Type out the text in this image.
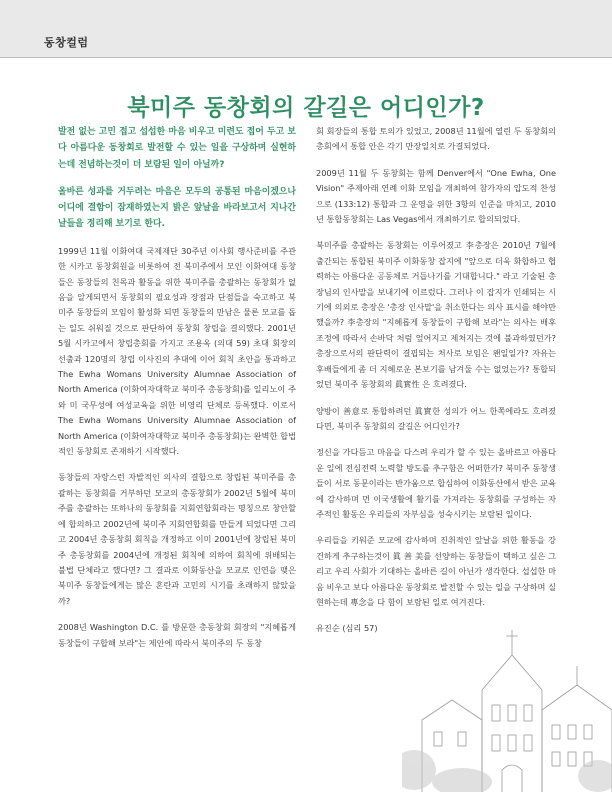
동창컬럼
북미주 동창회의 갈길은 어디인가?

발전 없는 고민 접고 섭섭한 마음 비우고 미련도 접어 두고 보다 아름다운 동창회로 발전할 수 있는 일을 구상하며 실현하는데 전념하는것이 더 보람된 일이 아닐까?

올바른 성과를 거두려는 마음은 모두의 공통된 마음이겠으나 어디에 결함이 잠재하였는지 밝은 앞날을 바라보고서 지나간 날들을 정리해 보기로 한다.

1999년 11월 이화여대 국제재단 30주년 이사회 행사준비를 주관한 시카고 동창회원을 비롯하여 전 북미주에서 모인 이화여대 동창들은 동창들의 친목과 활동을 위한 북미주를 총괄하는 동창회가 없음을 알게되면서 동창회의 필요성과 장점과 단점들을 숙고하고 북미주 동창들의 모임이 활성화 되면 동창들의 만남은 물론 모교를 돕는 일도 쉬워질 것으로 판단하여 동창회 창립을 결의했다. 2001년 5월 시카고에서 창립총회를 가지고 조용옥 (의대 59) 초대 회장의 선출과 120명의 창립 이사진의 추대에 이어 회칙 초안을 통과하고 The Ewha Womans University Alumnae Association of North America (이화여자대학교 북미주 총동창회)를 일리노이 주와 미 국무성에 여성교육을 위한 비영리 단체로 등록했다. 이로서 The Ewha Womans University Alumnae Association of North America (이화여자대학교 북미주 총동창회)는 완벽한 합법적인 동창회로 존재하기 시작했다.

동창들의 자랑스런 자발적인 의사의 결합으로 창립된 북미주를 총괄하는 동창회를 거부하던 모교의 총동창회가 2002년 5월에 북미주를 총괄하는 또하나의 동창회를 지회연합회라는 명칭으로 창안할에 합의하고 2002년에 북미주 지회연합회를 만들게 되었다면 그리고 2004년 총동창회 회칙을 개정하고 이미 2001년에 창립된 북미주 총동창회를 2004년에 개정된 회칙에 의하여 회칙에 위배되는 불법 단체라고 했다면? 그 결과로 이화동산을 모교로 인연을 맺은 북미주 동창들에게는 많은 혼란과 고민의 시기를 초래하지 않았을까?

2008년 Washington D.C. 를 방문한 총동창회 회장의 "지혜롭게 동창들이 구합해 보라"는 제안에 따라서 북미주의 두 동창

회 회장들의 통합 토의가 있었고, 2008년 11월에 열린 두 동창회의 총회에서 통합 안은 각기 만장일치로 가결되었다.

2009년 11월 두 동창회는 함께 Denver에서 "One Ewha, One Vision" 주제아래 연례 이화 모임을 개최하여 참가자의 압도적 찬성으로 (133:12) 통합과 그 운영을 위한 3항의 인준을 마치고, 2010년 통합동창회는 Las Vegas에서 개최하기로 합의되었다.

북미주를 총괄하는 동창회는 이루어졌고 李총장은 2010년 7월에 출간되는 통합된 북미주 이화동창 잡지에 "앞으로 더욱 화합하고 협력하는 아름다운 공동체로 거듭나기를 기대합니다." 라고 기술된 총장님의 인사말을 보내기에 이르렀다. 그러나 이 잡지가 인쇄되는 시기에 의외로 총장은 '총장 인사말'을 취소한다는 의사 표시를 해야만 했을까? 李총장의 "지혜롭게 동창들이 구합해 보라"는 의사는 배후조정에 따라서 손바닥 처럼 엎어지고 제처지는 것에 불과하였던가? 총장으로서의 판단력이 결핍되는 처사로 보임은 왠일일가? 자유는 후배들에게 좀 더 지혜로운 본보기를 남겨둘 수는 없었는가? 통합되었던 북미주 동창회의 眞實性 은 흐려졌다.

양방이 善意로 통합하려던 眞實한 성의가 어느 한쪽에라도 흐려졌다면, 북미주 동창회의 갈길은 어디인가?

정신을 가다듬고 마음을 다스려 우리가 할 수 있는 올바르고 아름다운 일에 전심전력 노력할 방도를 추구함은 어떠한가? 북미주 동창생들이 서로 동문이라는 반가움으로 합심하여 이화동산에서 받은 교육에 감사하며 먼 이국생활에 활기를 가져라는 동창회를 구성하는 자주적인 활동은 우리들의 자부심을 성숙시키는 보람된 일이다.

우리들을 키워준 모교에 감사하며 진취적인 앞날을 위한 활동을 강건하게 추구하는것이 眞 善 美를 선양하는 동창들이 택하고 싶은 그리고 우리 사회가 기대하는 올바른 길이 아닌가 생각한다. 섭섭한 마음 비우고 보다 아름다운 동창회로 발전할 수 있는 일을 구상하며 실현하는데 專念을 다 함이 보람된 일로 여겨진다.

유진순 (심리 57)
